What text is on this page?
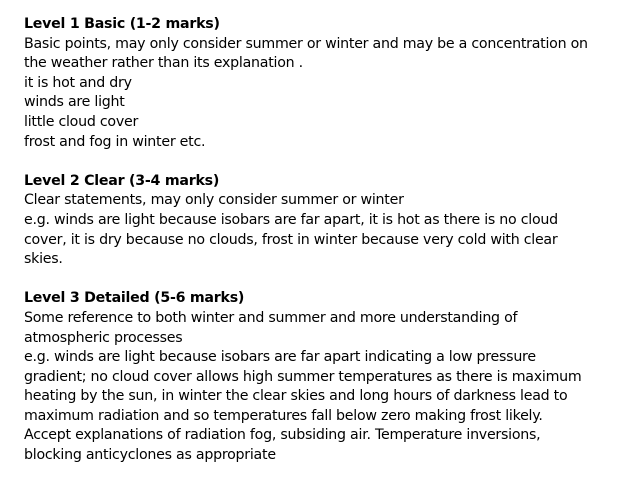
Level 1 Basic (1-2 marks)
Basic points, may only consider summer or winter and may be a concentration on
the weather rather than its explanation .
it is hot and dry
winds are light
little cloud cover
frost and fog in winter etc.
Level 2 Clear (3-4 marks)
Clear statements, may only consider summer or winter
e.g. winds are light because isobars are far apart, it is hot as there is no cloud
cover, it is dry because no clouds, frost in winter because very cold with clear
skies.
Level 3 Detailed (5-6 marks)
Some reference to both winter and summer and more understanding of
atmospheric processes
e.g. winds are light because isobars are far apart indicating a low pressure
gradient; no cloud cover allows high summer temperatures as there is maximum
heating by the sun, in winter the clear skies and long hours of darkness lead to
maximum radiation and so temperatures fall below zero making frost likely.
Accept explanations of radiation fog, subsiding air. Temperature inversions,
blocking anticyclones as appropriate
